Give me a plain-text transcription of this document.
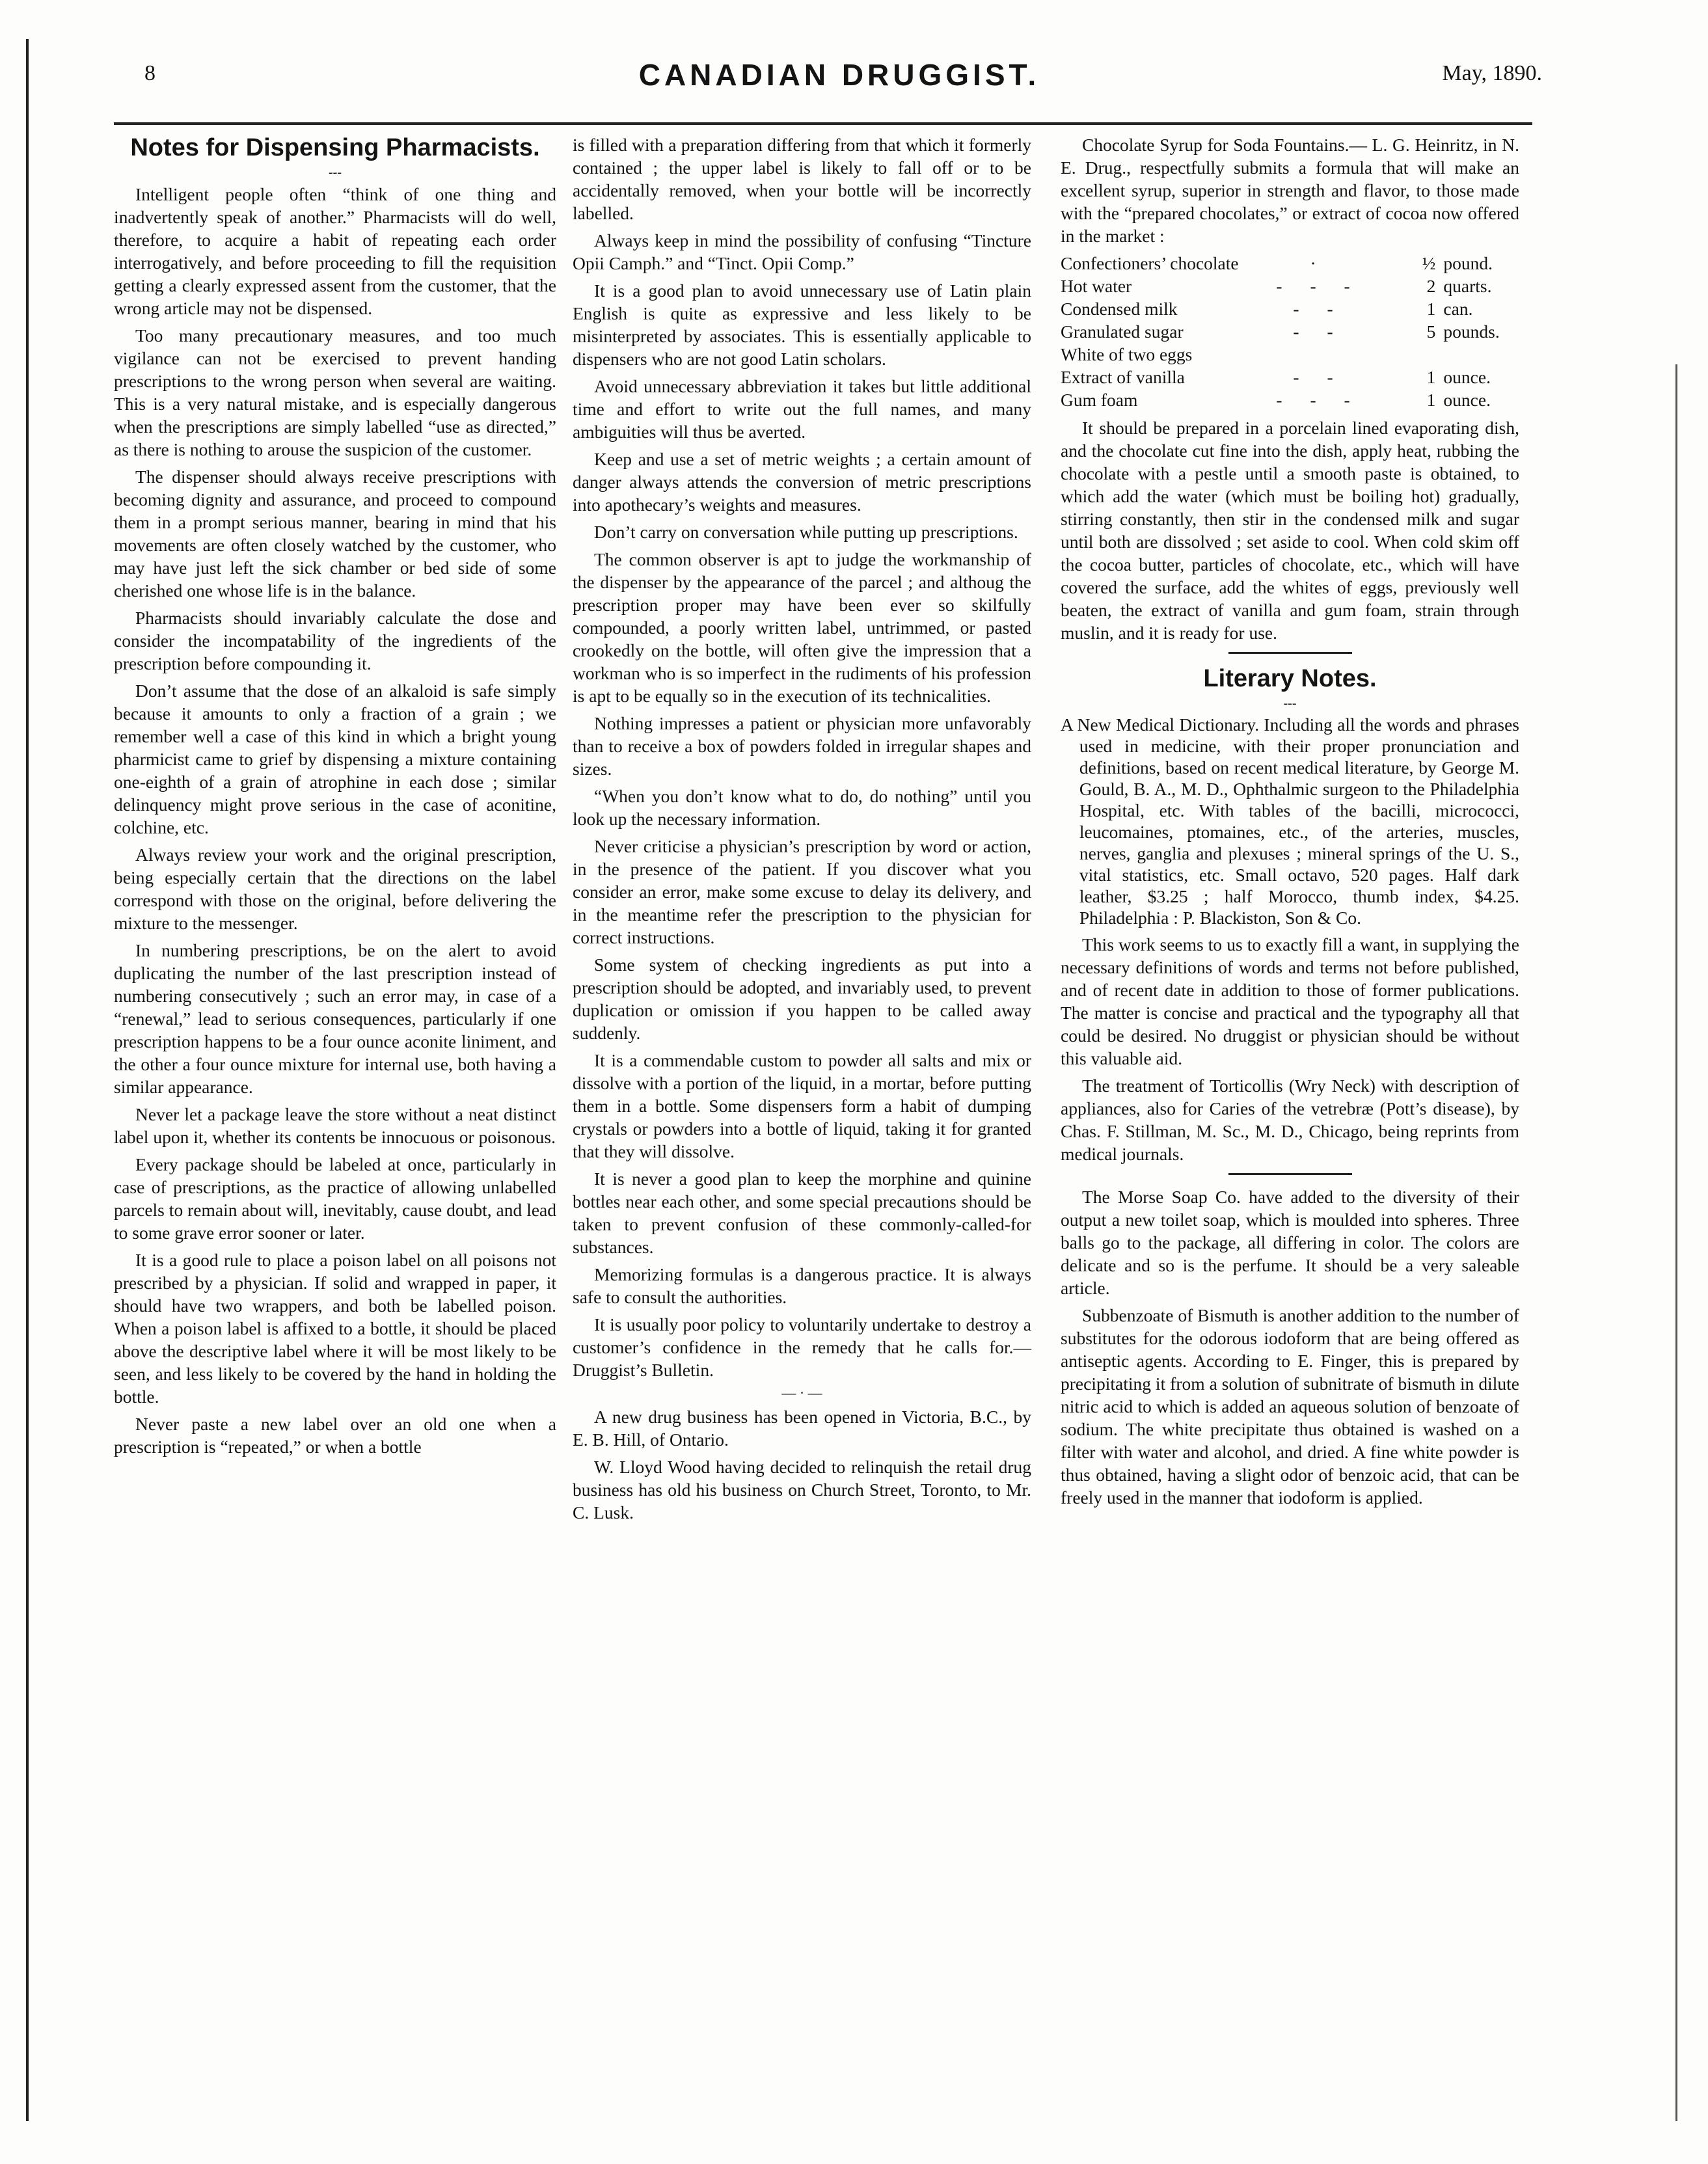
8	CANADIAN DRUGGIST.	May, 1890.
Notes for Dispensing Pharmacists.
---

Intelligent people often “think of one thing and inadvertently speak of another.” Pharmacists will do well, therefore, to acquire a habit of repeating each order interrogatively, and before proceeding to fill the requisition getting a clearly expressed assent from the customer, that the wrong article may not be dispensed.

Too many precautionary measures, and too much vigilance can not be exercised to prevent handing prescriptions to the wrong person when several are waiting. This is a very natural mistake, and is especially dangerous when the prescriptions are simply labelled “use as directed,” as there is nothing to arouse the suspicion of the customer.

The dispenser should always receive prescriptions with becoming dignity and assurance, and proceed to compound them in a prompt serious manner, bearing in mind that his movements are often closely watched by the customer, who may have just left the sick chamber or bed side of some cherished one whose life is in the balance.

Pharmacists should invariably calculate the dose and consider the incompatability of the ingredients of the prescription before compounding it.

Don’t assume that the dose of an alkaloid is safe simply because it amounts to only a fraction of a grain ; we remember well a case of this kind in which a bright young pharmicist came to grief by dispensing a mixture containing one-eighth of a grain of atrophine in each dose ; similar delinquency might prove serious in the case of aconitine, colchine, etc.

Always review your work and the original prescription, being especially certain that the directions on the label correspond with those on the original, before delivering the mixture to the messenger.

In numbering prescriptions, be on the alert to avoid duplicating the number of the last prescription instead of numbering consecutively ; such an error may, in case of a “renewal,” lead to serious consequences, particularly if one prescription happens to be a four ounce aconite liniment, and the other a four ounce mixture for internal use, both having a similar appearance.

Never let a package leave the store without a neat distinct label upon it, whether its contents be innocuous or poisonous.

Every package should be labeled at once, particularly in case of prescriptions, as the practice of allowing unlabelled parcels to remain about will, inevitably, cause doubt, and lead to some grave error sooner or later.

It is a good rule to place a poison label on all poisons not prescribed by a physician. If solid and wrapped in paper, it should have two wrappers, and both be labelled poison. When a poison label is affixed to a bottle, it should be placed above the descriptive label where it will be most likely to be seen, and less likely to be covered by the hand in holding the bottle.

Never paste a new label over an old one when a prescription is “repeated,” or when a bottle

is filled with a preparation differing from that which it formerly contained ; the upper label is likely to fall off or to be accidentally removed, when your bottle will be incorrectly labelled.

Always keep in mind the possibility of confusing “Tincture Opii Camph.” and “Tinct. Opii Comp.”

It is a good plan to avoid unnecessary use of Latin plain English is quite as expressive and less likely to be misinterpreted by associates. This is essentially applicable to dispensers who are not good Latin scholars.

Avoid unnecessary abbreviation it takes but little additional time and effort to write out the full names, and many ambiguities will thus be averted.

Keep and use a set of metric weights ; a certain amount of danger always attends the conversion of metric prescriptions into apothecary’s weights and measures.

Don’t carry on conversation while putting up prescriptions.

The common observer is apt to judge the workmanship of the dispenser by the appearance of the parcel ; and althoug the prescription proper may have been ever so skilfully compounded, a poorly written label, untrimmed, or pasted crookedly on the bottle, will often give the impression that a workman who is so imperfect in the rudiments of his profession is apt to be equally so in the execution of its technicalities.

Nothing impresses a patient or physician more unfavorably than to receive a box of powders folded in irregular shapes and sizes.

“When you don’t know what to do, do nothing” until you look up the necessary information.

Never criticise a physician’s prescription by word or action, in the presence of the patient. If you discover what you consider an error, make some excuse to delay its delivery, and in the meantime refer the prescription to the physician for correct instructions.

Some system of checking ingredients as put into a prescription should be adopted, and invariably used, to prevent duplication or omission if you happen to be called away suddenly.

It is a commendable custom to powder all salts and mix or dissolve with a portion of the liquid, in a mortar, before putting them in a bottle. Some dispensers form a habit of dumping crystals or powders into a bottle of liquid, taking it for granted that they will dissolve.

It is never a good plan to keep the morphine and quinine bottles near each other, and some special precautions should be taken to prevent confusion of these commonly-called-for substances.

Memorizing formulas is a dangerous practice. It is always safe to consult the authorities.

It is usually poor policy to voluntarily undertake to destroy a customer’s confidence in the remedy that he calls for.—Druggist’s Bulletin.

— · —

A new drug business has been opened in Victoria, B.C., by E. B. Hill, of Ontario.

W. Lloyd Wood having decided to relinquish the retail drug business has old his business on Church Street, Toronto, to Mr. C. Lusk.

Chocolate Syrup for Soda Fountains.— L. G. Heinritz, in N. E. Drug., respectfully submits a formula that will make an excellent syrup, superior in strength and flavor, to those made with the “prepared chocolates,” or extract of cocoa now offered in the market :

Confectioners’ chocolate	·	½	pound.
Hot water	- - -	2	quarts.
Condensed milk	- -	1	can.
Granulated sugar	- -	5	pounds.
White of two eggs			
Extract of vanilla	- -	1	ounce.
Gum foam	- - -	1	ounce.

It should be prepared in a porcelain lined evaporating dish, and the chocolate cut fine into the dish, apply heat, rubbing the chocolate with a pestle until a smooth paste is obtained, to which add the water (which must be boiling hot) gradually, stirring constantly, then stir in the condensed milk and sugar until both are dissolved ; set aside to cool. When cold skim off the cocoa butter, particles of chocolate, etc., which will have covered the surface, add the whites of eggs, previously well beaten, the extract of vanilla and gum foam, strain through muslin, and it is ready for use.

Literary Notes.
---

A New Medical Dictionary. Including all the words and phrases used in medicine, with their proper pronunciation and definitions, based on recent medical literature, by George M. Gould, B. A., M. D., Ophthalmic surgeon to the Philadelphia Hospital, etc. With tables of the bacilli, micrococci, leucomaines, ptomaines, etc., of the arteries, muscles, nerves, ganglia and plexuses ; mineral springs of the U. S., vital statistics, etc. Small octavo, 520 pages. Half dark leather, $3.25 ; half Morocco, thumb index, $4.25. Philadelphia : P. Blackiston, Son & Co.

This work seems to us to exactly fill a want, in supplying the necessary definitions of words and terms not before published, and of recent date in addition to those of former publications. The matter is concise and practical and the typography all that could be desired. No druggist or physician should be without this valuable aid.

The treatment of Torticollis (Wry Neck) with description of appliances, also for Caries of the vetrebræ (Pott’s disease), by Chas. F. Stillman, M. Sc., M. D., Chicago, being reprints from medical journals.

The Morse Soap Co. have added to the diversity of their output a new toilet soap, which is moulded into spheres. Three balls go to the package, all differing in color. The colors are delicate and so is the perfume. It should be a very saleable article.

Subbenzoate of Bismuth is another addition to the number of substitutes for the odorous iodoform that are being offered as antiseptic agents. According to E. Finger, this is prepared by precipitating it from a solution of subnitrate of bismuth in dilute nitric acid to which is added an aqueous solution of benzoate of sodium. The white precipitate thus obtained is washed on a filter with water and alcohol, and dried. A fine white powder is thus obtained, having a slight odor of benzoic acid, that can be freely used in the manner that iodoform is applied.
